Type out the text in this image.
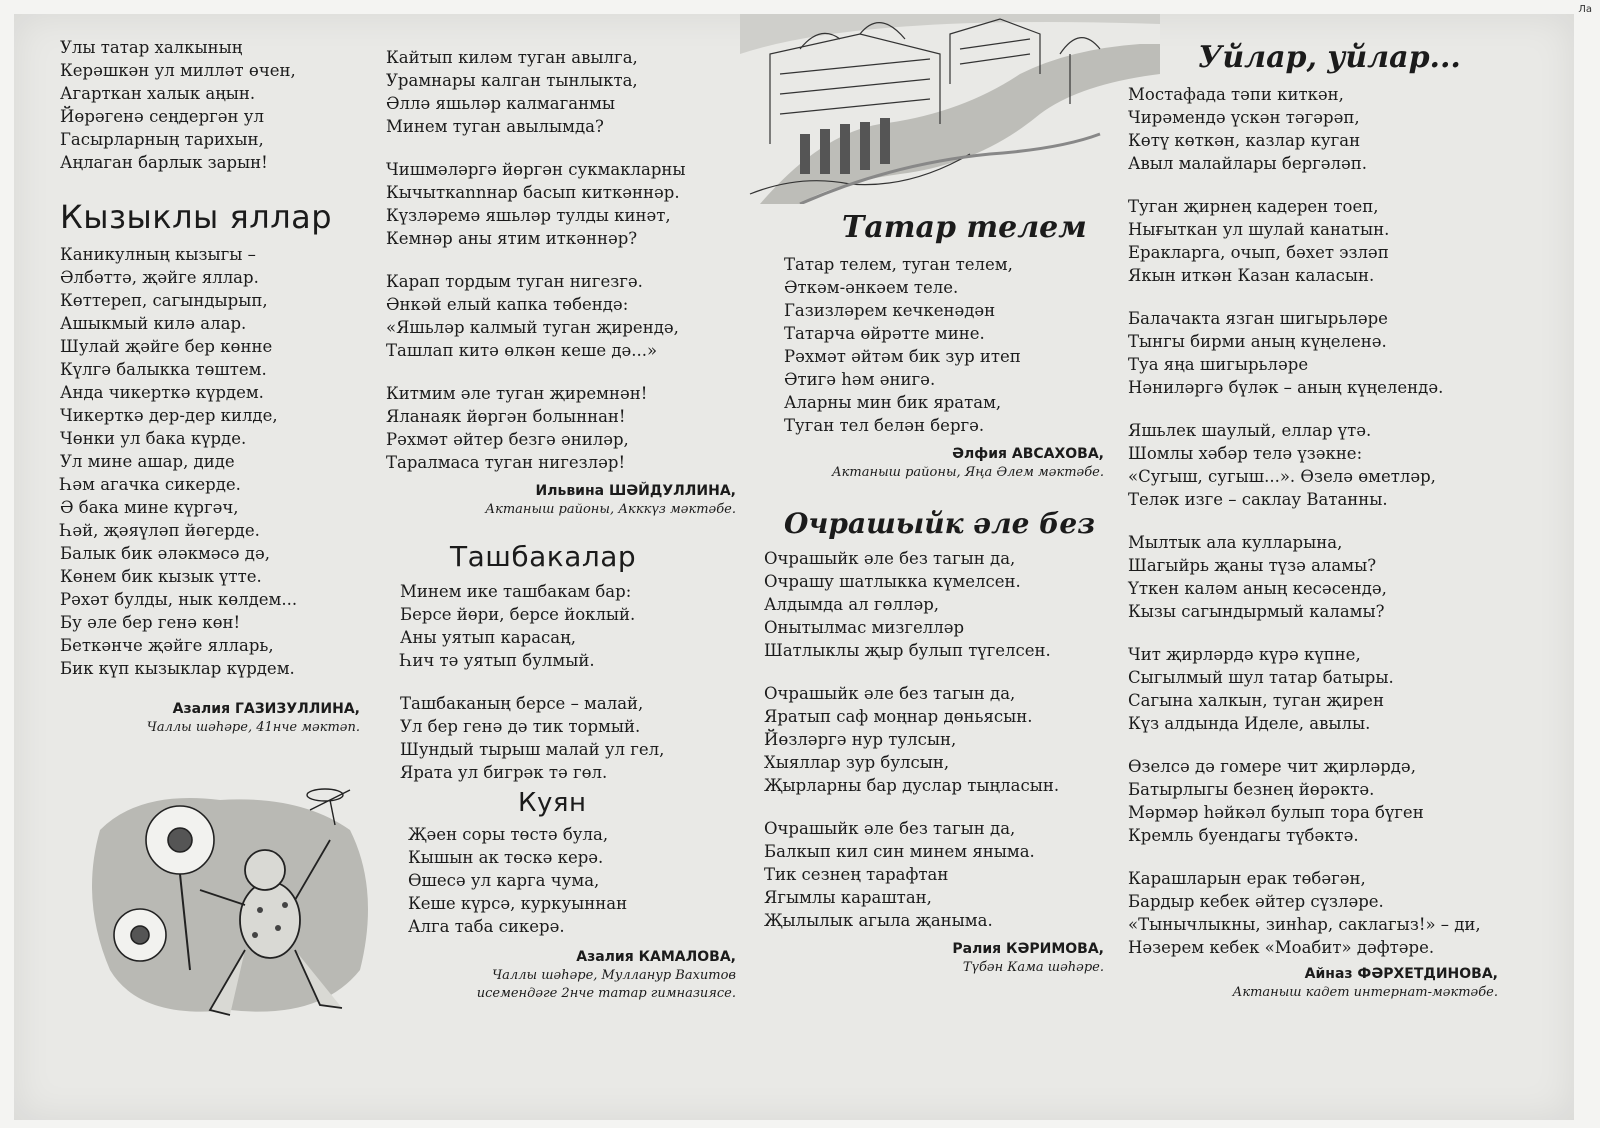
Ла

Улы татар халкының

Керәшкән ул милләт өчен,

Агарткан халык аңын.

Йөрәгенә сеңдергән ул

Гасырларның тарихын,

Аңлаган барлык зарын!

Кызыклы яллар

Каникулның кызыгы –

Әлбәттә, җәйге яллар.

Көттереп, сагындырып,

Ашыкмый килә алар.

Шулай җәйге бер көнне

Күлгә балыкка төштем.

Анда чикерткә күрдем.

Чикерткә дер-дер килде,

Чөнки ул бака күрде.

Ул мине ашар, диде

Һәм агачка сикерде.

Ә бака мине күргәч,

Һәй, җәяүләп йөгерде.

Балык бик әләкмәсә дә,

Көнем бик кызык үтте.

Рәхәт булды, нык көлдем...

Бу әле бер генә көн!

Беткәнче җәйге ялларь,

Бик күп кызыклар күрдем.

Азалия ГАЗИЗУЛЛИНА,
Чаллы шәһәре, 41нче мәктәп.

Кайтып киләм туган авылга,

Урамнары калган тынлыкта,

Әллә яшьләр калмаганмы

Минем туган авылымда?

Чишмәләргә йөргән сукмакларны

Кычыткannнар басып киткәннәр.

Күзләремә яшьләр тулды кинәт,

Кемнәр аны ятим иткәннәр?

Карап тордым туган нигезгә.

Әнкәй елый капка төбендә:

«Яшьләр калмый туган җирендә,

Ташлап китә өлкән кеше дә...»

Китмим әле туган җиремнән!

Яланаяк йөргән болыннан!

Рәхмәт әйтер безгә әниләр,

Таралмаса туган нигезләр!

Ильвина ШӘЙДУЛЛИНА,
Актаныш районы, Акккүз мәктәбе.
Ташбакалар

Минем ике ташбакам бар:

Берсе йөри, берсе йоклый.

Аны уятып карасаң,

Һич тә уятып булмый.

Ташбаканың берсе – малай,

Ул бер генә дә тик тормый.

Шундый тырыш малай ул гел,

Ярата ул бигрәк тә гөл.

Куян

Җәен соры төстә була,

Кышын ак төскә керә.

Өшесә ул карга чума,

Кеше күрсә, куркуыннан

Алга таба сикерә.

Азалия КАМАЛОВА,
Чаллы шәһәре, Мулланур Вахитов
исемендәге 2нче татар гимназиясе.
Татар телем

Татар телем, туган телем,

Әткәм-әнкәем теле.

Газизләрем кечкенәдән

Татарча өйрәтте мине.

Рәхмәт әйтәм бик зур итеп

Әтигә һәм әнигә.

Аларны мин бик яратам,

Туган тел белән бергә.

Әлфия АВСАХОВА,
Актаныш районы, Яңа Әлем мәктәбе.
Очрашыйк әле без

Очрашыйк әле без тагын да,

Очрашу шатлыкка күмелсен.

Алдымда ал гөлләр,

Онытылмас мизгелләр

Шатлыклы җыр булып түгелсен.

Очрашыйк әле без тагын да,

Яратып саф моңнар дөньясын.

Йөзләргә нур тулсын,

Хыяллар зур булсын,

Җырларны бар дуслар тыңласын.

Очрашыйк әле без тагын да,

Балкып кил син минем яныма.

Тик сезнең тарафтан

Ягымлы караштан,

Җылылык агыла җаныма.

Ралия КӘРИМОВА,
Түбән Кама шәһәре.
Уйлар, уйлар...

Мостафада тәпи киткән,

Чирәмендә үскән тәгәрәп,

Көтү көткән, казлар куган

Авыл малайлары бергәләп.

Туган җирнең кадерен тоеп,

Нығыткан ул шулай канатын.

Еракларга, очып, бәхет эзләп

Якын иткән Казан каласын.

Балачакта язган шигырьләре

Тынгы бирми аның күңеленә.

Туа яңа шигырьләре

Нәниләргә бүләк – аның күңелендә.

Яшьлек шаулый, еллар үтә.

Шомлы хәбәр телә үзәкне:

«Сугыш, сугыш...». Өзелә өметләр,

Теләк изге – саклау Ватанны.

Мылтык ала кулларына,

Шагыйрь җаны түзә аламы?

Үткен каләм аның кесәсендә,

Кызы сагындырмый каламы?

Чит җирләрдә күрә күпне,

Сыгылмый шул татар батыры.

Сагына халкын, туган җирен

Күз алдында Иделе, авылы.

Өзелсә дә гомере чит җирләрдә,

Батырлыгы безнең йөрәктә.

Мәрмәр һәйкәл булып тора бүген

Кремль буендагы түбәктә.

Карашларын ерак төбәгән,

Бардыр кебек әйтер сүзләре.

«Тынычлыкны, зинһар, саклагыз!» – ди,

Нәзерем кебек «Моабит» дәфтәре.

Айназ ФӘРХЕТДИНОВА,
Актаныш кадет интернат-мәктәбе.
